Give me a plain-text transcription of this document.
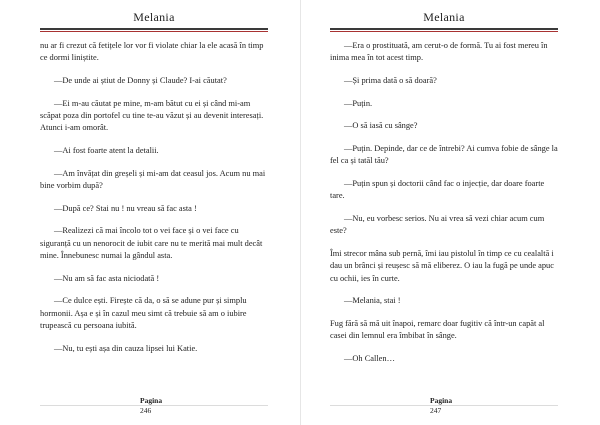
Melania

nu ar fi crezut că fetițele lor vor fi violate chiar la ele acasă în timp ce dormi liniștite.

—De unde ai știut de Donny și Claude? I-ai căutat?

—Ei m-au căutat pe mine, m-am bătut cu ei și când mi-am scăpat poza din portofel cu tine te-au văzut și au devenit interesați. Atunci i-am omorât.

—Ai fost foarte atent la detalii.

—Am învățat din greșeli și mi-am dat ceasul jos. Acum nu mai bine vorbim după?

—După ce? Stai nu ! nu vreau să fac asta !

—Realizezi că mai încolo tot o vei face și o vei face cu siguranță cu un nenorocit de iubit care nu te merită mai mult decât mine. Înnebunesc numai la gândul asta.

—Nu am să fac asta niciodată !

—Ce dulce ești. Firește că da, o să se adune pur și simplu hormonii. Așa e și în cazul meu simt că trebuie să am o iubire trupească cu persoana iubită.

—Nu, tu ești așa din cauza lipsei lui Katie.

Pagina
246
Melania

—Era o prostituată, am cerut-o de formă. Tu ai fost mereu în inima mea în tot acest timp.

—Și prima dată o să doară?

—Puțin.

—O să iasă cu sânge?

—Puțin. Depinde, dar ce de întrebi? Ai cumva fobie de sânge la fel ca și tatăl tău?

—Puțin spun și doctorii când fac o injecție, dar doare foarte tare.

—Nu, eu vorbesc serios. Nu ai vrea să vezi chiar acum cum este?

Îmi strecor mâna sub pernă, îmi iau pistolul în timp ce cu cealaltă i dau un brânci și reușesc să mă eliberez. O iau la fugă pe unde apuc cu ochii, ies în curte.

—Melania, stai !

Fug fără să mă uit înapoi, remarc doar fugitiv că într-un capăt al casei din lemnul era îmbibat în sânge.

—Oh Callen…

Pagina
247
